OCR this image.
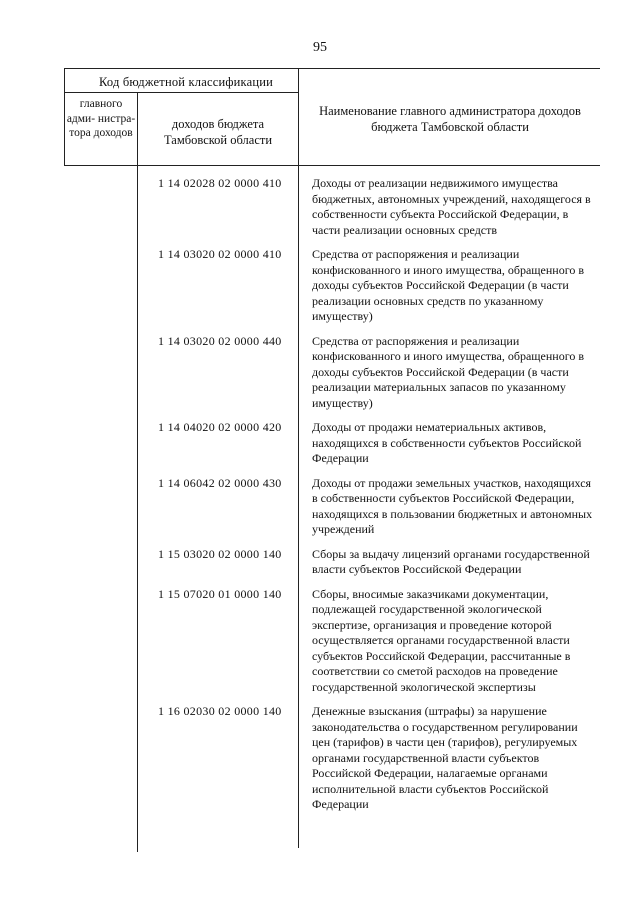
95
Код бюджетной классификации
главного адми- нистра- тора доходов
доходов бюджета Тамбовской области
Наименование главного администратора доходов бюджета Тамбовской области
1 14 02028 02 0000 410	Доходы от реализации недвижимого имущества бюджетных, автономных учреждений, находящегося в собственности субъекта Российской Федерации, в части реализации основных средств
1 14 03020 02 0000 410	Средства от распоряжения и реализации конфискованного и иного имущества, обращенного в доходы субъектов Российской Федерации (в части реализации основных средств по указанному имуществу)
1 14 03020 02 0000 440	Средства от распоряжения и реализации конфискованного и иного имущества, обращенного в доходы субъектов Российской Федерации (в части реализации материальных запасов по указанному имуществу)
1 14 04020 02 0000 420	Доходы от продажи нематериальных активов, находящихся в собственности субъектов Российской Федерации
1 14 06042 02 0000 430	Доходы от продажи земельных участков, находящихся в собственности субъектов Российской Федерации, находящихся в пользовании бюджетных и автономных учреждений
1 15 03020 02 0000 140	Сборы за выдачу лицензий органами государственной власти субъектов Российской Федерации
1 15 07020 01 0000 140	Сборы, вносимые заказчиками документации, подлежащей государственной экологической экспертизе, организация и проведение которой осуществляется органами государственной власти субъектов Российской Федерации, рассчитанные в соответствии со сметой расходов на проведение государственной экологической экспертизы
1 16 02030 02 0000 140	Денежные взыскания (штрафы) за нарушение законодательства о государственном регулировании цен (тарифов) в части цен (тарифов), регулируемых органами государственной власти субъектов Российской Федерации, налагаемые органами исполнительной власти субъектов Российской Федерации
